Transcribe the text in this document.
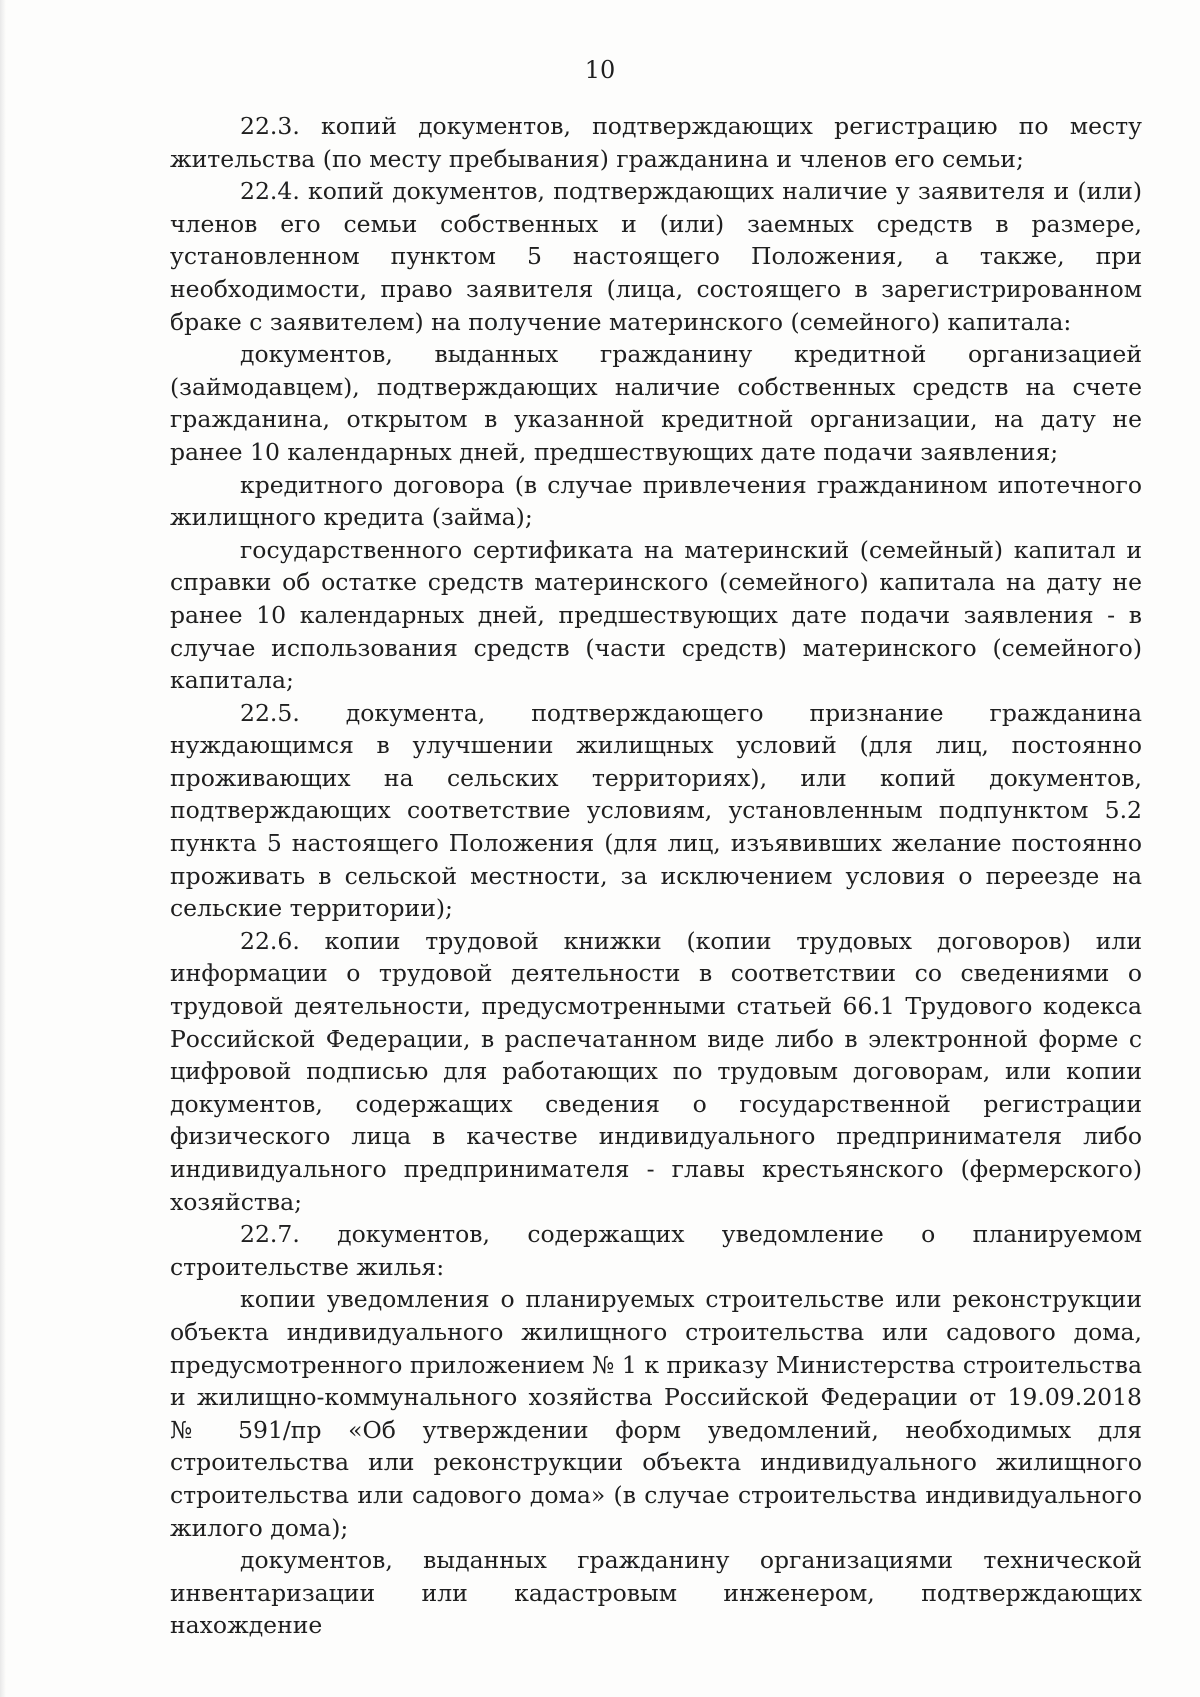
10

22.3. копий документов, подтверждающих регистрацию по месту жительства (по месту пребывания) гражданина и членов его семьи;

22.4. копий документов, подтверждающих наличие у заявителя и (или) членов его семьи собственных и (или) заемных средств в размере, установленном пунктом 5 настоящего Положения, а также, при необходимости, право заявителя (лица, состоящего в зарегистрированном браке с заявителем) на получение материнского (семейного) капитала:

документов, выданных гражданину кредитной организацией (займодавцем), подтверждающих наличие собственных средств на счете гражданина, открытом в указанной кредитной организации, на дату не ранее 10 календарных дней, предшествующих дате подачи заявления;

кредитного договора (в случае привлечения гражданином ипотечного жилищного кредита (займа);

государственного сертификата на материнский (семейный) капитал и справки об остатке средств материнского (семейного) капитала на дату не ранее 10 календарных дней, предшествующих дате подачи заявления - в случае использования средств (части средств) материнского (семейного) капитала;

22.5. документа, подтверждающего признание гражданина нуждающимся в улучшении жилищных условий (для лиц, постоянно проживающих на сельских территориях), или копий документов, подтверждающих соответствие условиям, установленным подпунктом 5.2 пункта 5 настоящего Положения (для лиц, изъявивших желание постоянно проживать в сельской местности, за исключением условия о переезде на сельские территории);

22.6. копии трудовой книжки (копии трудовых договоров) или информации о трудовой деятельности в соответствии со сведениями о трудовой деятельности, предусмотренными статьей 66.1 Трудового кодекса Российской Федерации, в распечатанном виде либо в электронной форме с цифровой подписью для работающих по трудовым договорам, или копии документов, содержащих сведения о государственной регистрации физического лица в качестве индивидуального предпринимателя либо индивидуального предпринимателя - главы крестьянского (фермерского) хозяйства;

22.7. документов, содержащих уведомление о планируемом строительстве жилья:

копии уведомления о планируемых строительстве или реконструкции объекта индивидуального жилищного строительства или садового дома, предусмотренного приложением № 1 к приказу Министерства строительства и жилищно-коммунального хозяйства Российской Федерации от 19.09.2018 № 591/пр «Об утверждении форм уведомлений, необходимых для строительства или реконструкции объекта индивидуального жилищного строительства или садового дома» (в случае строительства индивидуального жилого дома);

документов, выданных гражданину организациями технической инвентаризации или кадастровым инженером, подтверждающих нахождение
